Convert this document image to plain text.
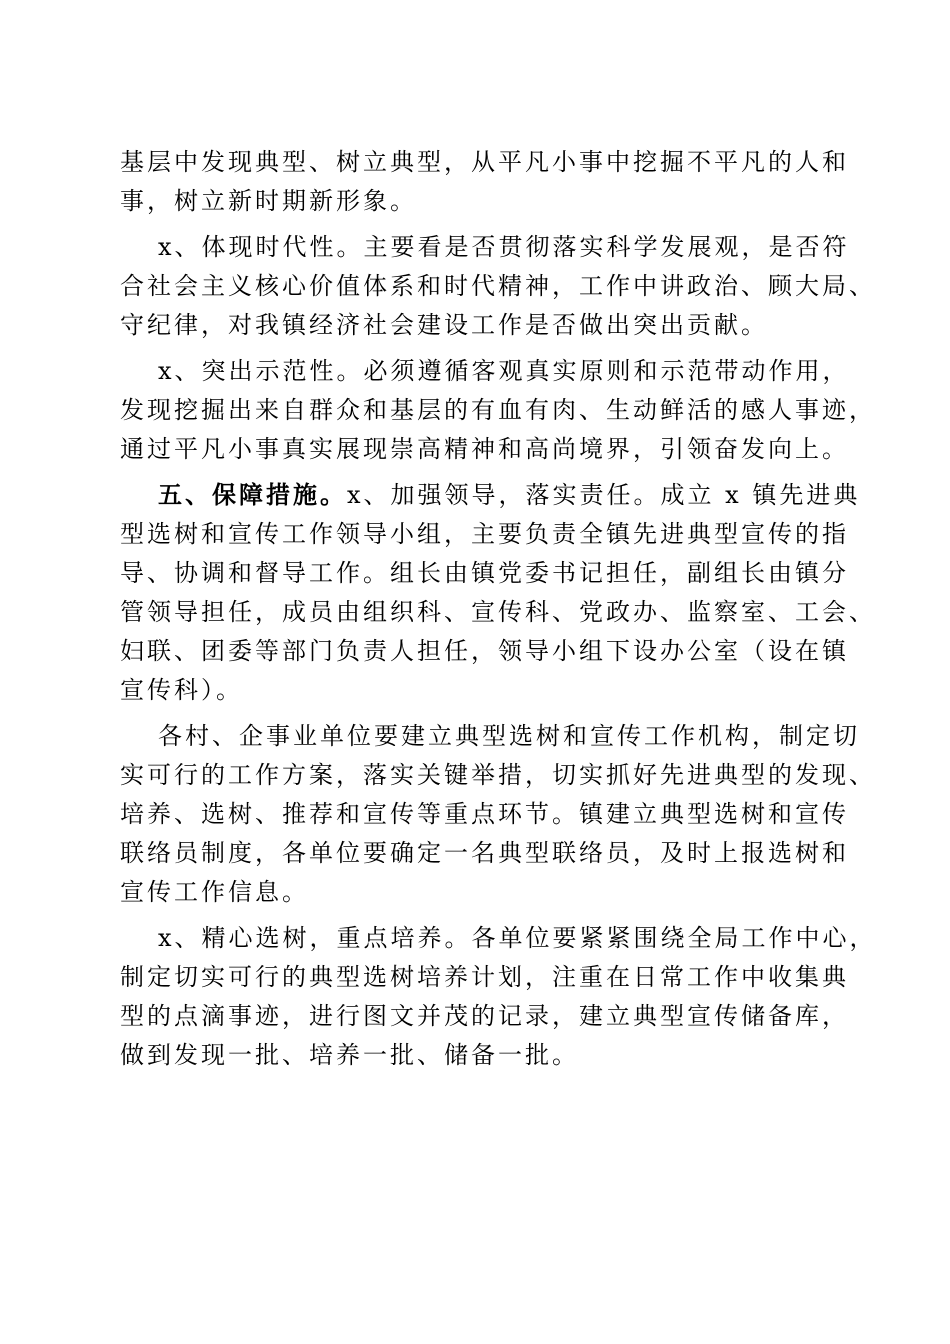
基层中发现典型、树立典型，从平凡小事中挖掘不平凡的人和
事，树立新时期新形象。
x、体现时代性。主要看是否贯彻落实科学发展观，是否符
合社会主义核心价值体系和时代精神，工作中讲政治、顾大局、
守纪律，对我镇经济社会建设工作是否做出突出贡献。
x、突出示范性。必须遵循客观真实原则和示范带动作用，
发现挖掘出来自群众和基层的有血有肉、生动鲜活的感人事迹，
通过平凡小事真实展现崇高精神和高尚境界，引领奋发向上。
五、保障措施。x、加强领导，落实责任。成立 x 镇先进典
型选树和宣传工作领导小组，主要负责全镇先进典型宣传的指
导、协调和督导工作。组长由镇党委书记担任，副组长由镇分
管领导担任，成员由组织科、宣传科、党政办、监察室、工会、
妇联、团委等部门负责人担任，领导小组下设办公室（设在镇
宣传科）。
各村、企事业单位要建立典型选树和宣传工作机构，制定切
实可行的工作方案，落实关键举措，切实抓好先进典型的发现、
培养、选树、推荐和宣传等重点环节。镇建立典型选树和宣传
联络员制度，各单位要确定一名典型联络员，及时上报选树和
宣传工作信息。
x、精心选树，重点培养。各单位要紧紧围绕全局工作中心，
制定切实可行的典型选树培养计划，注重在日常工作中收集典
型的点滴事迹，进行图文并茂的记录，建立典型宣传储备库，
做到发现一批、培养一批、储备一批。
